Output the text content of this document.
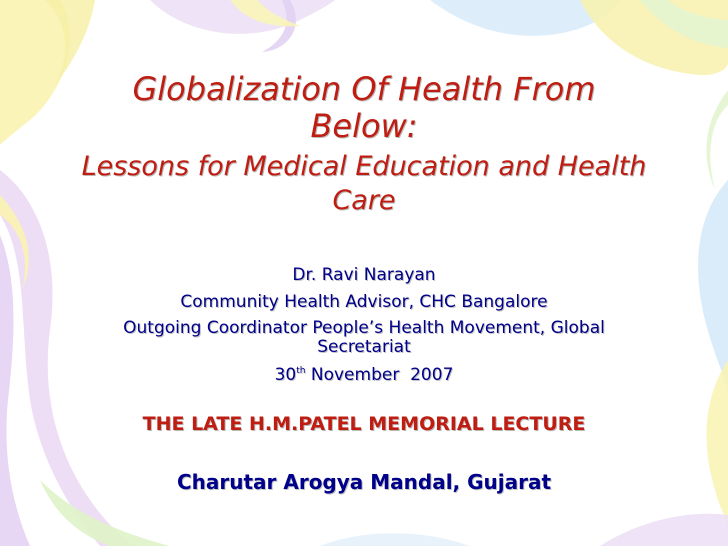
Globalization Of Health From
Below:
Lessons for Medical Education and Health
Care
Dr. Ravi Narayan
Community Health Advisor, CHC Bangalore
Outgoing Coordinator People’s Health Movement, Global
Secretariat
30th November  2007
THE LATE H.M.PATEL MEMORIAL LECTURE
Charutar Arogya Mandal, Gujarat
